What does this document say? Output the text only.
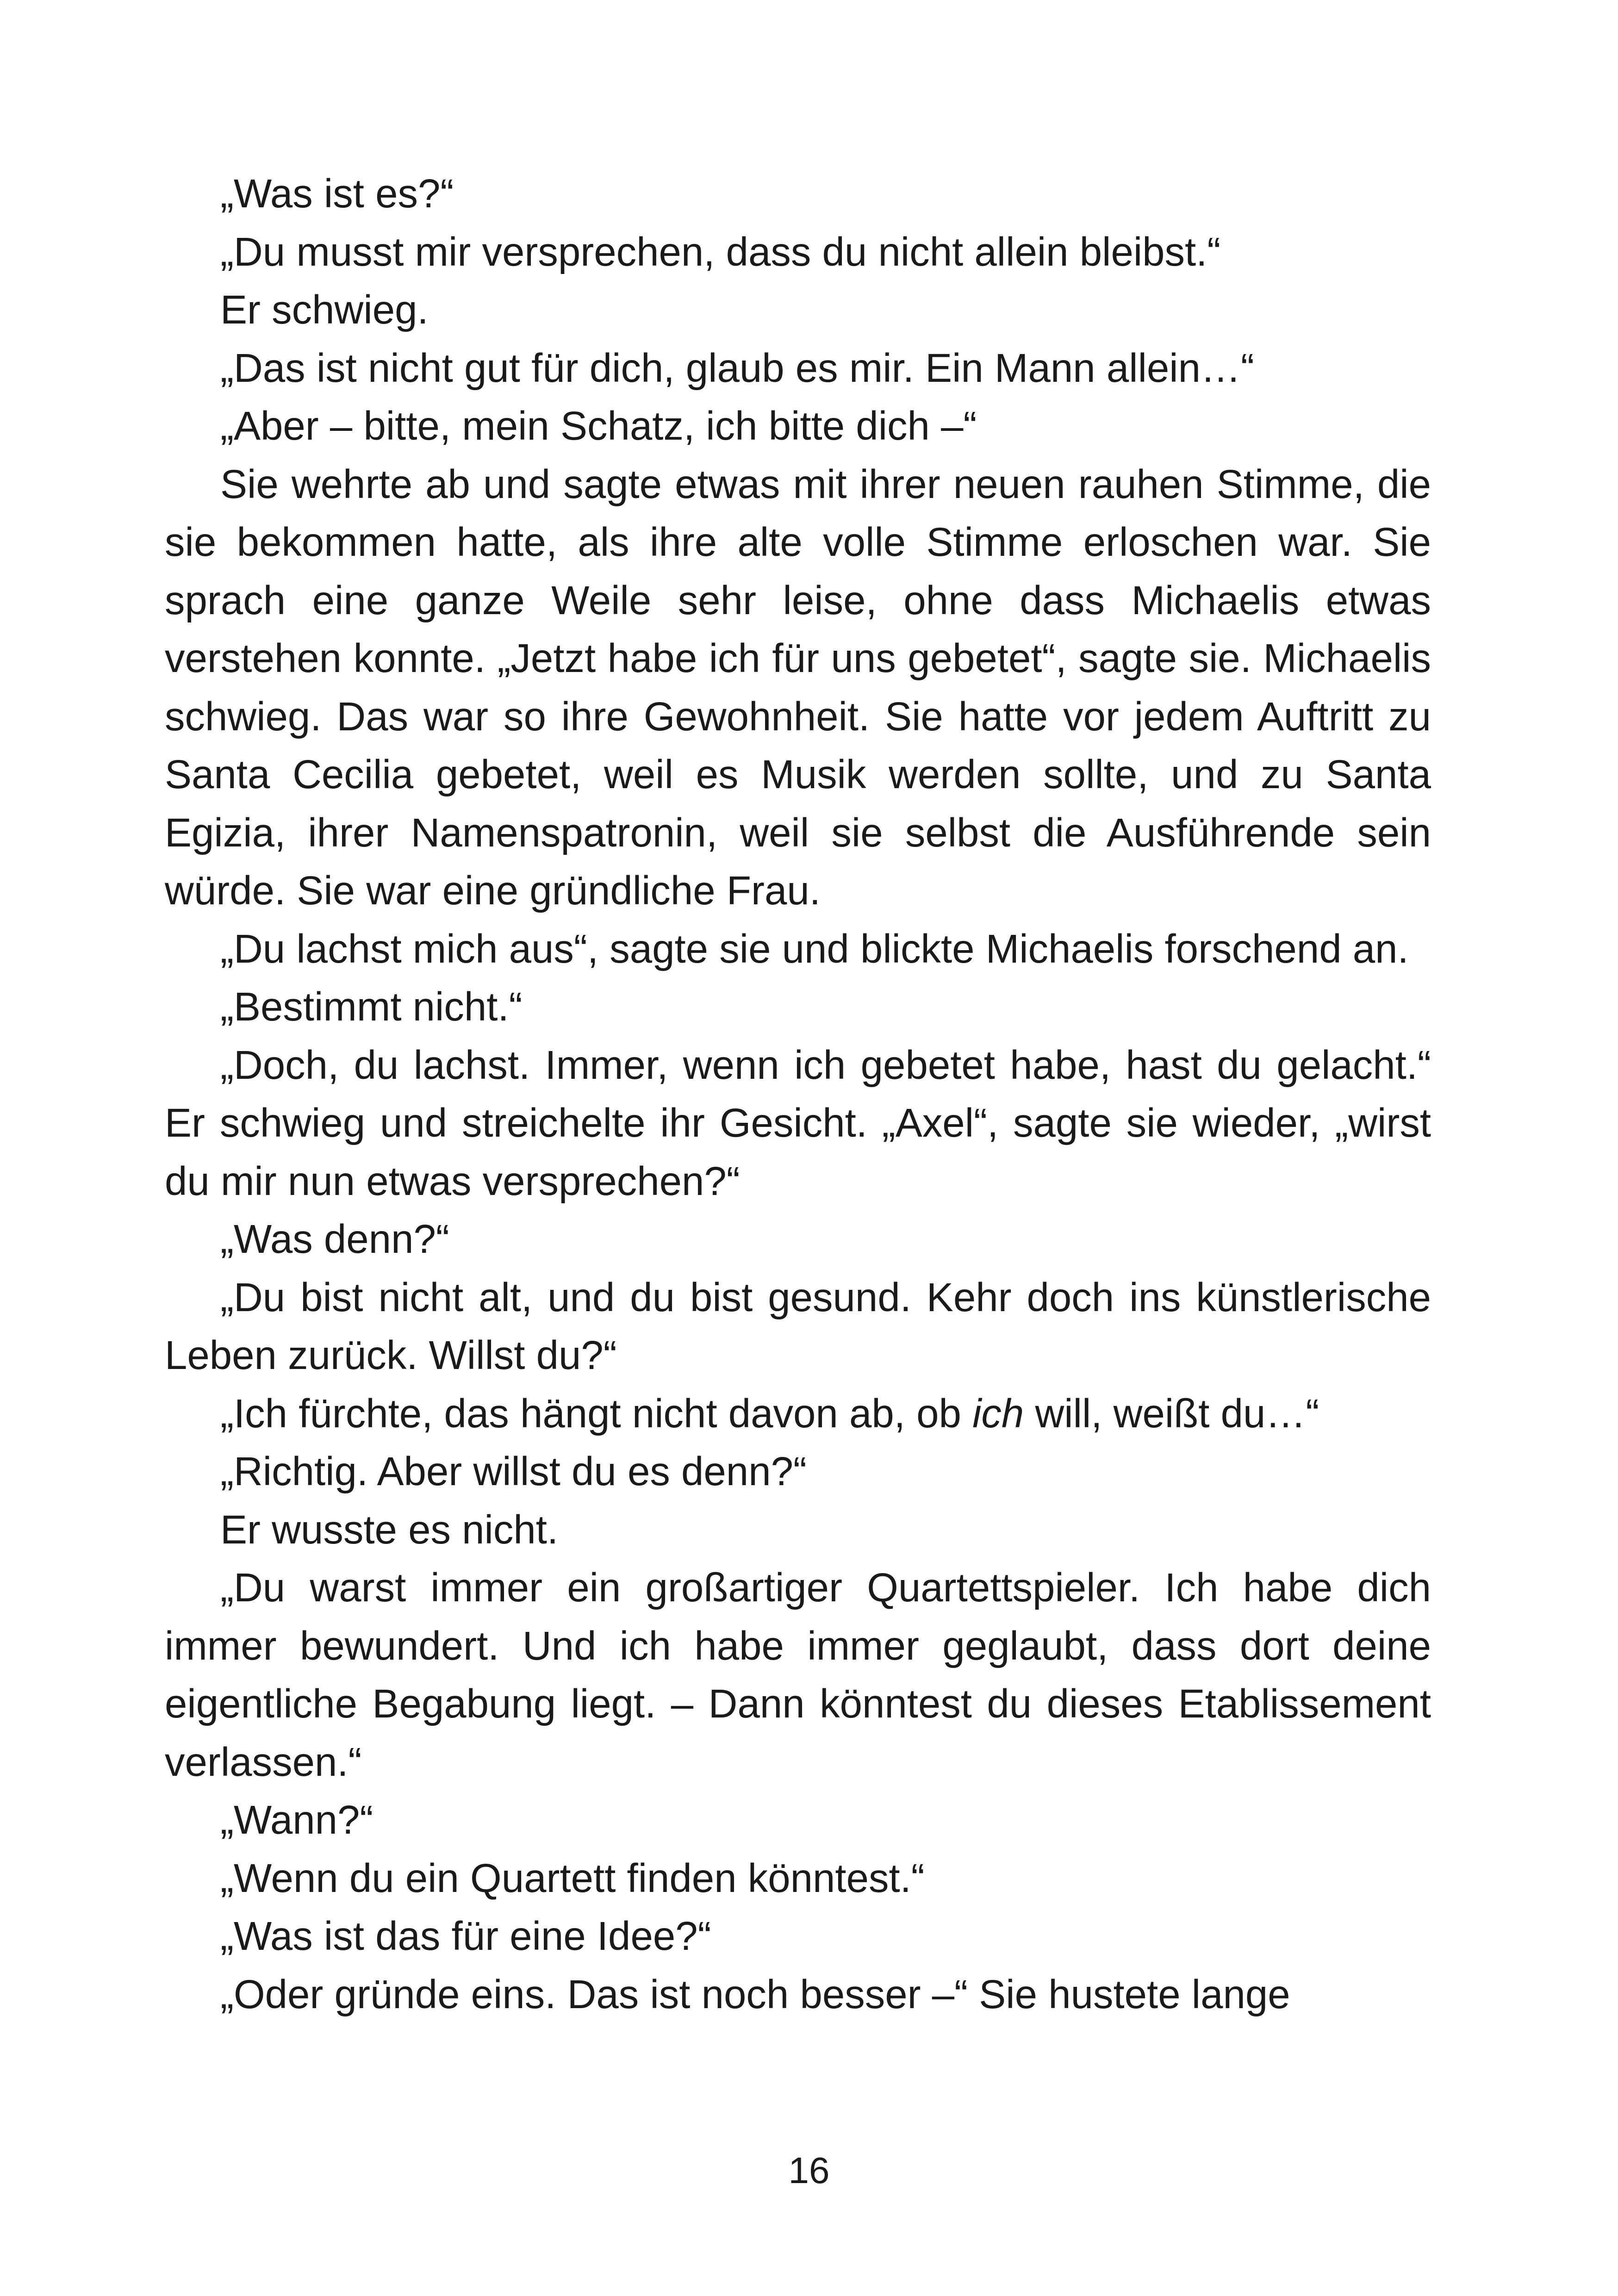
„Was ist es?“

„Du musst mir versprechen, dass du nicht allein bleibst.“

Er schwieg.

„Das ist nicht gut für dich, glaub es mir. Ein Mann allein…“

„Aber – bitte, mein Schatz, ich bitte dich –“

Sie wehrte ab und sagte etwas mit ihrer neuen rauhen Stimme, die sie bekommen hatte, als ihre alte volle Stimme erloschen war. Sie sprach eine ganze Weile sehr leise, ohne dass Michaelis etwas verstehen konnte. „Jetzt habe ich für uns gebetet“, sagte sie. Michaelis schwieg. Das war so ihre Gewohnheit. Sie hatte vor jedem Auftritt zu Santa Cecilia gebetet, weil es Musik werden sollte, und zu Santa Egizia, ihrer Namenspatronin, weil sie selbst die Ausführende sein würde. Sie war eine gründliche Frau.

„Du lachst mich aus“, sagte sie und blickte Michaelis forschend an.

„Bestimmt nicht.“

„Doch, du lachst. Immer, wenn ich gebetet habe, hast du gelacht.“ Er schwieg und streichelte ihr Gesicht. „Axel“, sagte sie wieder, „wirst du mir nun etwas versprechen?“

„Was denn?“

„Du bist nicht alt, und du bist gesund. Kehr doch ins künstlerische Leben zurück. Willst du?“

„Ich fürchte, das hängt nicht davon ab, ob ich will, weißt du…“

„Richtig. Aber willst du es denn?“

Er wusste es nicht.

„Du warst immer ein großartiger Quartettspieler. Ich habe dich immer bewundert. Und ich habe immer geglaubt, dass dort deine eigentliche Begabung liegt. – Dann könntest du dieses Etablissement verlassen.“

„Wann?“

„Wenn du ein Quartett finden könntest.“

„Was ist das für eine Idee?“

„Oder gründe eins. Das ist noch besser –“ Sie hustete lange

16
